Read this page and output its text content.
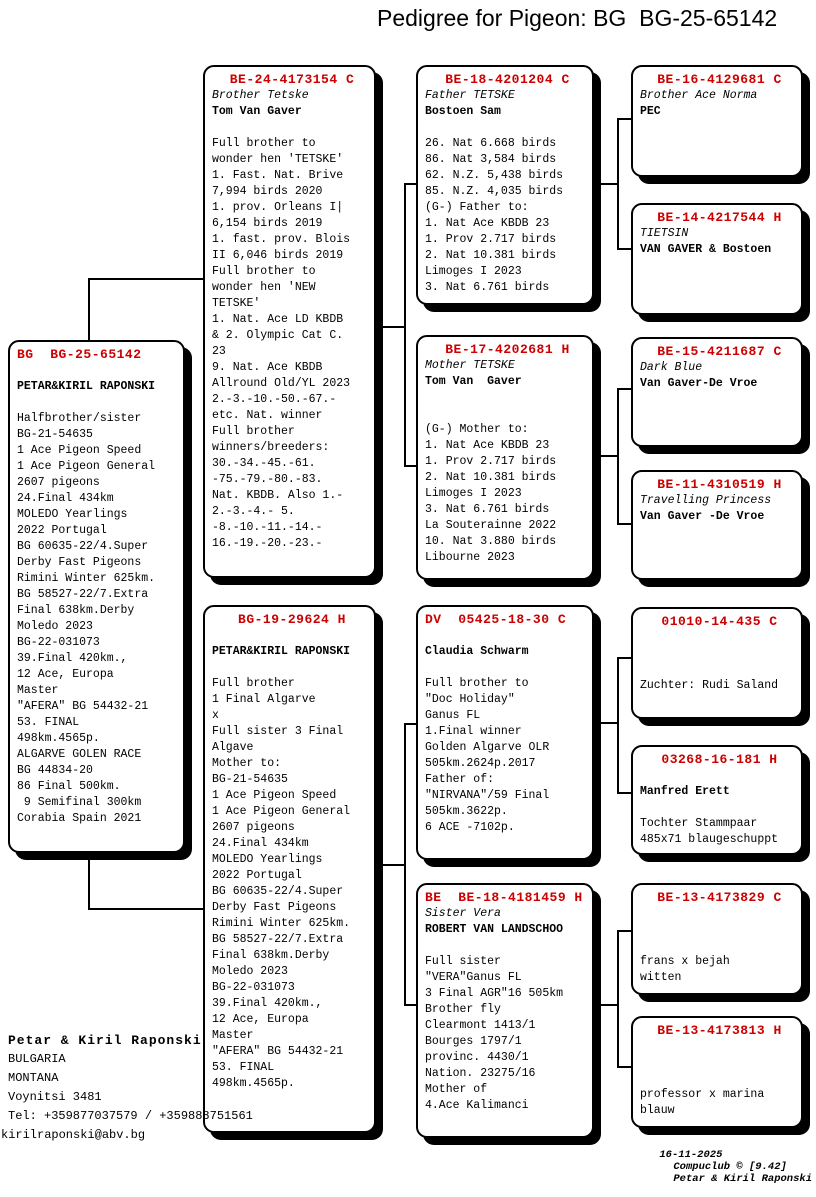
Pedigree for Pigeon: BG  BG-25-65142
BG  BG-25-65142

PETAR&KIRIL RAPONSKI

Halfbrother/sister
BG-21-54635
1 Ace Pigeon Speed
1 Ace Pigeon General
2607 pigeons
24.Final 434km
MOLEDO Yearlings
2022 Portugal
BG 60635-22/4.Super
Derby Fast Pigeons
Rimini Winter 625km.
BG 58527-22/7.Extra
Final 638km.Derby
Moledo 2023
BG-22-031073
39.Final 420km.,
12 Ace, Europa
Master
"AFERA" BG 54432-21
53. FINAL
498km.4565p.
ALGARVE GOLEN RACE
BG 44834-20
86 Final 500km.
9 Semifinal 300km
Corabia Spain 2021
BE-24-4173154 C
Brother Tetske
Tom Van Gaver

Full brother to
wonder hen 'TETSKE'
1. Fast. Nat. Brive
7,994 birds 2020
1. prov. Orleans I|
6,154 birds 2019
1. fast. prov. Blois
II 6,046 birds 2019
Full brother to
wonder hen 'NEW
TETSKE'
1. Nat. Ace LD KBDB
& 2. Olympic Cat C.
23
9. Nat. Ace KBDB
Allround Old/YL 2023
2.-3.-10.-50.-67.-
etc. Nat. winner
Full brother
winners/breeders:
30.-34.-45.-61.
-75.-79.-80.-83.
Nat. KBDB. Also 1.-
2.-3.-4.- 5.
-8.-10.-11.-14.-
16.-19.-20.-23.-
BG-19-29624 H

PETAR&KIRIL RAPONSKI

Full brother
1 Final Algarve
x
Full sister 3 Final
Algave
Mother to:
BG-21-54635
1 Ace Pigeon Speed
1 Ace Pigeon General
2607 pigeons
24.Final 434km
MOLEDO Yearlings
2022 Portugal
BG 60635-22/4.Super
Derby Fast Pigeons
Rimini Winter 625km.
BG 58527-22/7.Extra
Final 638km.Derby
Moledo 2023
BG-22-031073
39.Final 420km.,
12 Ace, Europa
Master
"AFERA" BG 54432-21
53. FINAL
498km.4565p.
BE-18-4201204 C
Father TETSKE
Bostoen Sam

26. Nat 6.668 birds
86. Nat 3,584 birds
62. N.Z. 5,438 birds
85. N.Z. 4,035 birds
(G-) Father to:
1. Nat Ace KBDB 23
1. Prov 2.717 birds
2. Nat 10.381 birds
Limoges I 2023
3. Nat 6.761 birds
BE-17-4202681 H
Mother TETSKE
Tom Van  Gaver

(G-) Mother to:
1. Nat Ace KBDB 23
1. Prov 2.717 birds
2. Nat 10.381 birds
Limoges I 2023
3. Nat 6.761 birds
La Souterainne 2022
10. Nat 3.880 birds
Libourne 2023
DV  05425-18-30 C

Claudia Schwarm

Full brother to
"Doc Holiday"
Ganus FL
1.Final winner
Golden Algarve OLR
505km.2624p.2017
Father of:
"NIRVANA"/59 Final
505km.3622p.
6 ACE -7102p.
BE  BE-18-4181459 H
Sister Vera
ROBERT VAN LANDSCHOO

Full sister
"VERA"Ganus FL
3 Final AGR"16 505km
Brother fly
Clearmont 1413/1
Bourges 1797/1
provinc. 4430/1
Nation. 23275/16
Mother of
4.Ace Kalimanci
BE-16-4129681 C
Brother Ace Norma
PEC
BE-14-4217544 H
TIETSIN
VAN GAVER & Bostoen
BE-15-4211687 C
Dark Blue
Van Gaver-De Vroe
BE-11-4310519 H
Travelling Princess
Van Gaver -De Vroe
01010-14-435 C

Zuchter: Rudi Saland
03268-16-181 H

Manfred Erett

Tochter Stammpaar
485x71 blaugeschuppt
BE-13-4173829 C

frans x bejah
witten
BE-13-4173813 H

professor x marina
blauw
Petar & Kiril Raponski
BULGARIA
MONTANA
Voynitsi 3481
Tel: +359877037579 / +359888751561
kirilraponski@abv.bg

16-11-2025
Compuclub © [9.42]
Petar & Kiril Raponski
